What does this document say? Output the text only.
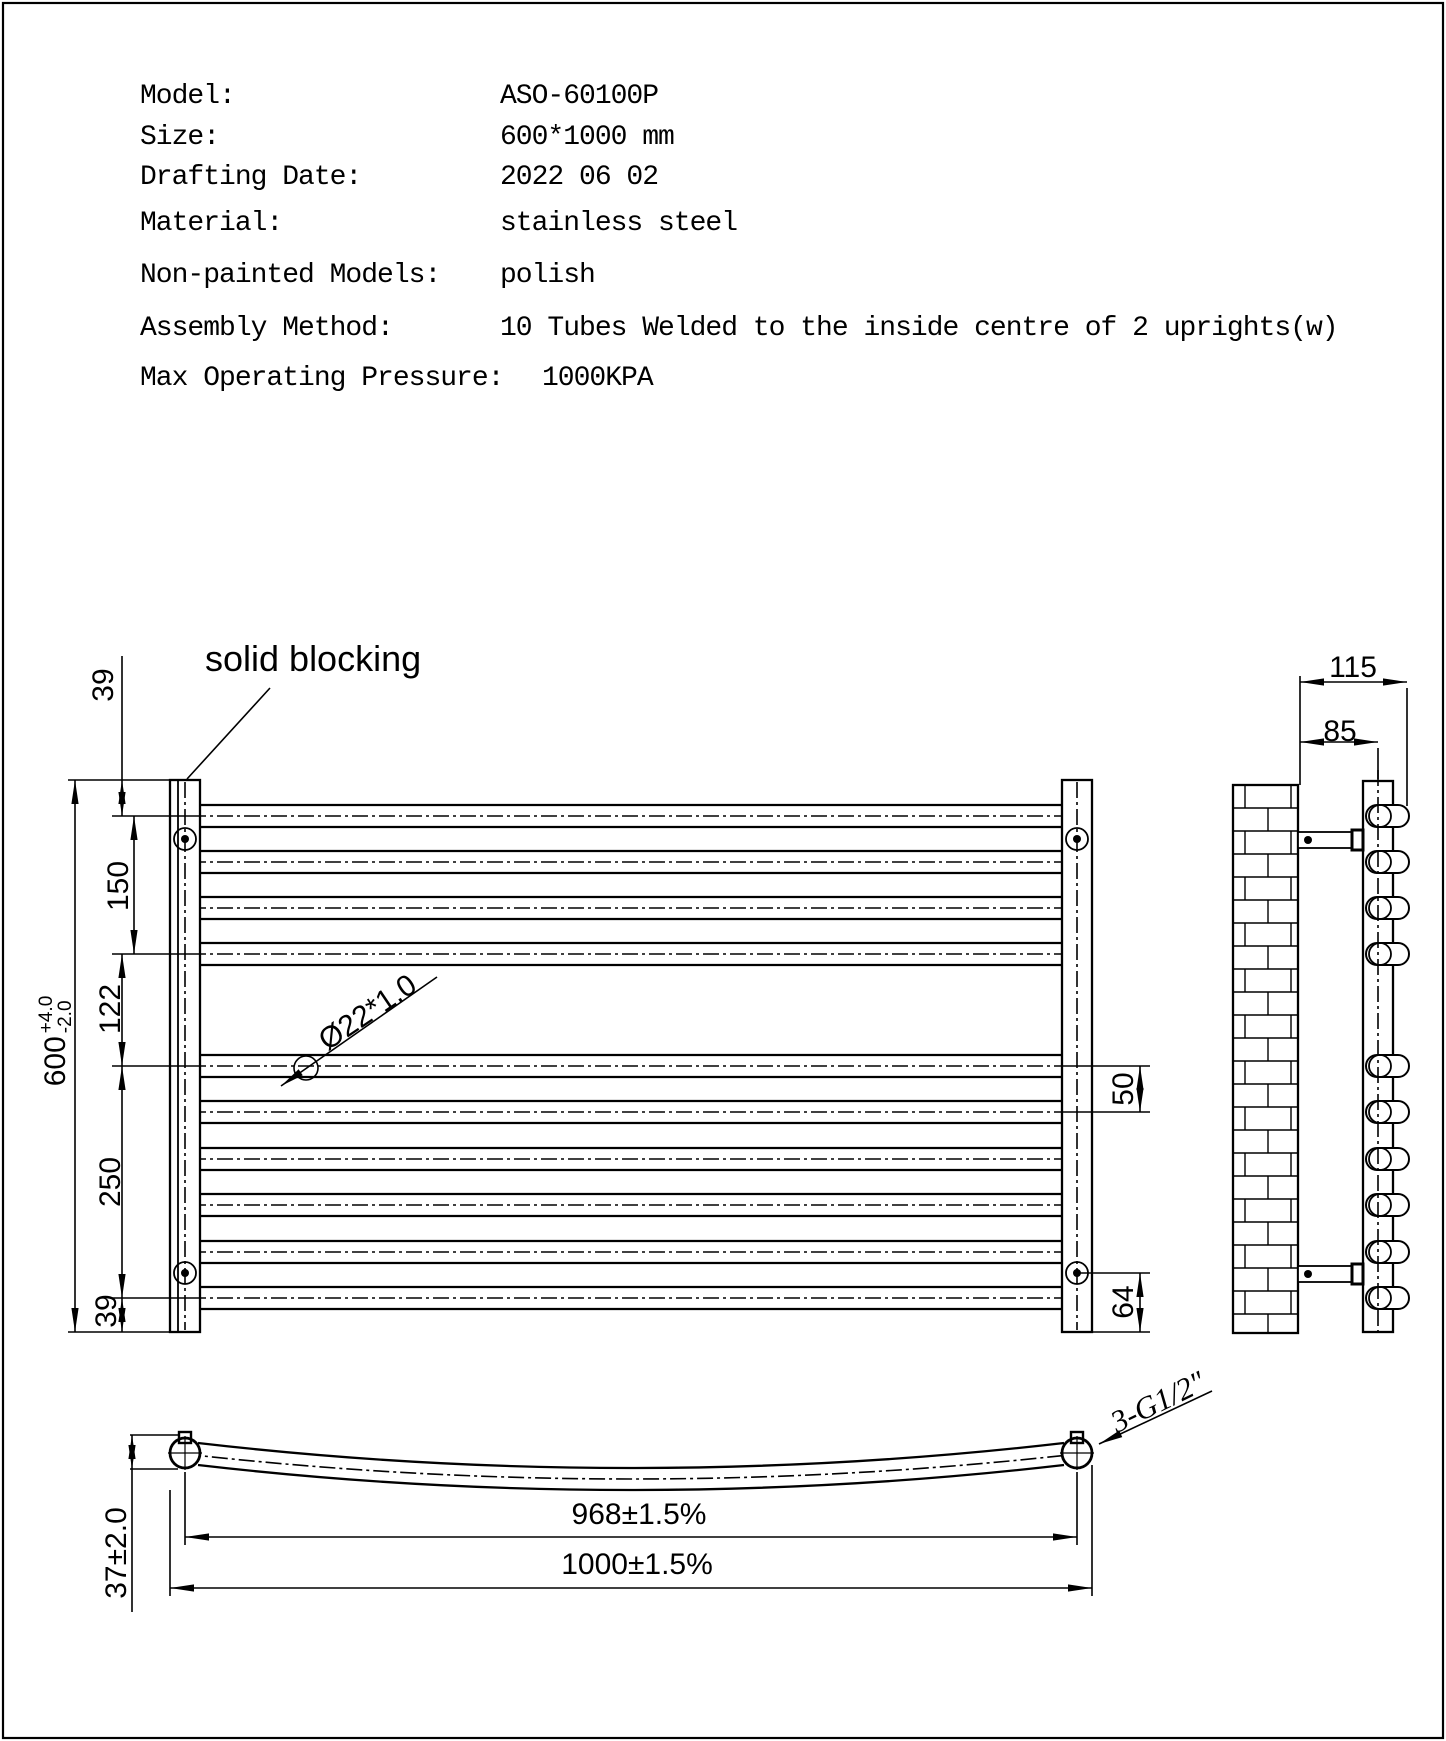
Model:	ASO-60100P
Size:	600*1000 mm
Drafting Date:	2022 06 02
Material:	stainless steel
Non-painted Models: polish
Assembly Method:	10 Tubes Welded to the inside centre of 2 uprights(w)
Max Operating Pressure: 1000KPA
solid blocking
39
150
122
250
39
600
+4.0
-2.0	Ø22*1.0
50
64
115
85
37±2.0	968±1.5%
1000±1.5%
3-G1/2"
